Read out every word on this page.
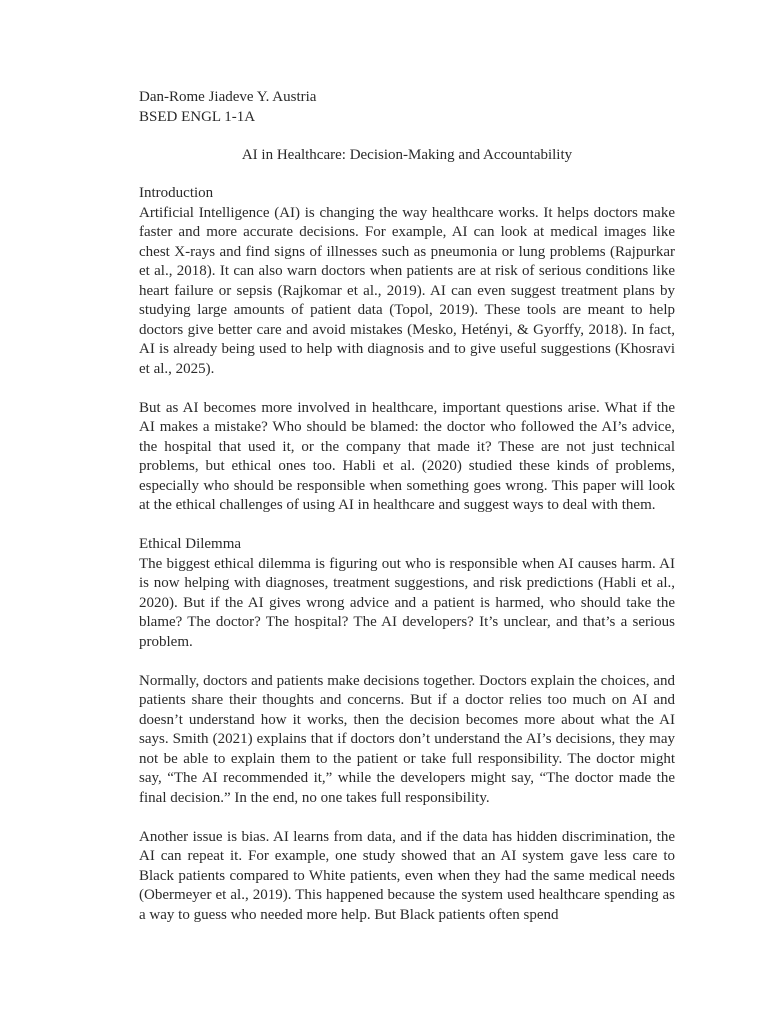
Dan-Rome Jiadeve Y. Austria
BSED ENGL 1-1A
AI in Healthcare: Decision-Making and Accountability
Introduction

Artificial Intelligence (AI) is changing the way healthcare works. It helps doctors make faster and more accurate decisions. For example, AI can look at medical images like chest X-rays and find signs of illnesses such as pneumonia or lung problems (Rajpurkar et al., 2018). It can also warn doctors when patients are at risk of serious conditions like heart failure or sepsis (Rajkomar et al., 2019). AI can even suggest treatment plans by studying large amounts of patient data (Topol, 2019). These tools are meant to help doctors give better care and avoid mistakes (Mesko, Hetényi, & Gyorffy, 2018). In fact, AI is already being used to help with diagnosis and to give useful suggestions (Khosravi et al., 2025).

But as AI becomes more involved in healthcare, important questions arise. What if the AI makes a mistake? Who should be blamed: the doctor who followed the AI’s advice, the hospital that used it, or the company that made it? These are not just technical problems, but ethical ones too. Habli et al. (2020) studied these kinds of problems, especially who should be responsible when something goes wrong. This paper will look at the ethical challenges of using AI in healthcare and suggest ways to deal with them.

Ethical Dilemma

The biggest ethical dilemma is figuring out who is responsible when AI causes harm. AI is now helping with diagnoses, treatment suggestions, and risk predictions (Habli et al., 2020). But if the AI gives wrong advice and a patient is harmed, who should take the blame? The doctor? The hospital? The AI developers? It’s unclear, and that’s a serious problem.

Normally, doctors and patients make decisions together. Doctors explain the choices, and patients share their thoughts and concerns. But if a doctor relies too much on AI and doesn’t understand how it works, then the decision becomes more about what the AI says. Smith (2021) explains that if doctors don’t understand the AI’s decisions, they may not be able to explain them to the patient or take full responsibility. The doctor might say, “The AI recommended it,” while the developers might say, “The doctor made the final decision.” In the end, no one takes full responsibility.

Another issue is bias. AI learns from data, and if the data has hidden discrimination, the AI can repeat it. For example, one study showed that an AI system gave less care to Black patients compared to White patients, even when they had the same medical needs (Obermeyer et al., 2019). This happened because the system used healthcare spending as a way to guess who needed more help. But Black patients often spend
